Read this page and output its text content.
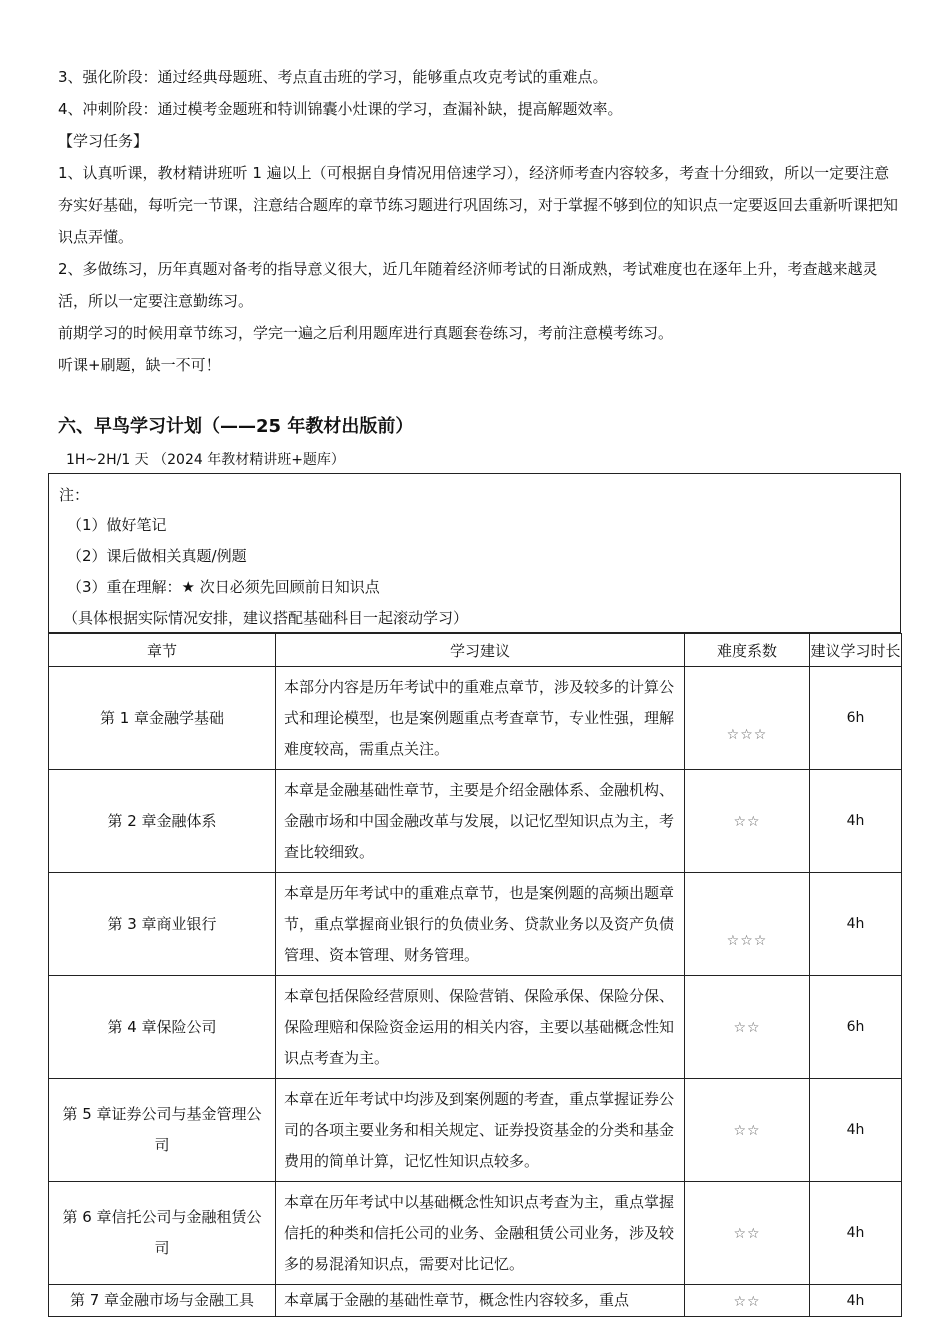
3、强化阶段：通过经典母题班、考点直击班的学习，能够重点攻克考试的重难点。

4、冲刺阶段：通过模考金题班和特训锦囊小灶课的学习，查漏补缺，提高解题效率。

【学习任务】

1、认真听课，教材精讲班听 1 遍以上（可根据自身情况用倍速学习），经济师考查内容较多，考查十分细致，所以一定要注意夯实好基础，每听完一节课，注意结合题库的章节练习题进行巩固练习，对于掌握不够到位的知识点一定要返回去重新听课把知识点弄懂。

2、多做练习，历年真题对备考的指导意义很大，近几年随着经济师考试的日渐成熟，考试难度也在逐年上升，考查越来越灵活，所以一定要注意勤练习。

前期学习的时候用章节练习，学完一遍之后利用题库进行真题套卷练习，考前注意模考练习。

听课+刷题，缺一不可！

六、早鸟学习计划（——25 年教材出版前）
1H~2H/1 天 （2024 年教材精讲班+题库）
注：
（1）做好笔记
（2）课后做相关真题/例题
（3）重在理解：★ 次日必须先回顾前日知识点
（具体根据实际情况安排，建议搭配基础科目一起滚动学习）
章节	学习建议	难度系数	建议学习时长
第 1 章金融学基础	本部分内容是历年考试中的重难点章节，涉及较多的计算公式和理论模型，也是案例题重点考查章节，专业性强，理解难度较高，需重点关注。	☆☆☆	6h
第 2 章金融体系	本章是金融基础性章节，主要是介绍金融体系、金融机构、金融市场和中国金融改革与发展，以记忆型知识点为主，考查比较细致。	☆☆	4h
第 3 章商业银行	本章是历年考试中的重难点章节，也是案例题的高频出题章节，重点掌握商业银行的负债业务、贷款业务以及资产负债管理、资本管理、财务管理。	☆☆☆	4h
第 4 章保险公司	本章包括保险经营原则、保险营销、保险承保、保险分保、保险理赔和保险资金运用的相关内容，主要以基础概念性知识点考查为主。	☆☆	6h
第 5 章证券公司与基金管理公司	本章在近年考试中均涉及到案例题的考查，重点掌握证券公司的各项主要业务和相关规定、证券投资基金的分类和基金费用的简单计算，记忆性知识点较多。	☆☆	4h
第 6 章信托公司与金融租赁公司	本章在历年考试中以基础概念性知识点考查为主，重点掌握信托的种类和信托公司的业务、金融租赁公司业务，涉及较多的易混淆知识点，需要对比记忆。	☆☆	4h
第 7 章金融市场与金融工具	本章属于金融的基础性章节，概念性内容较多，重点	☆☆	4h
